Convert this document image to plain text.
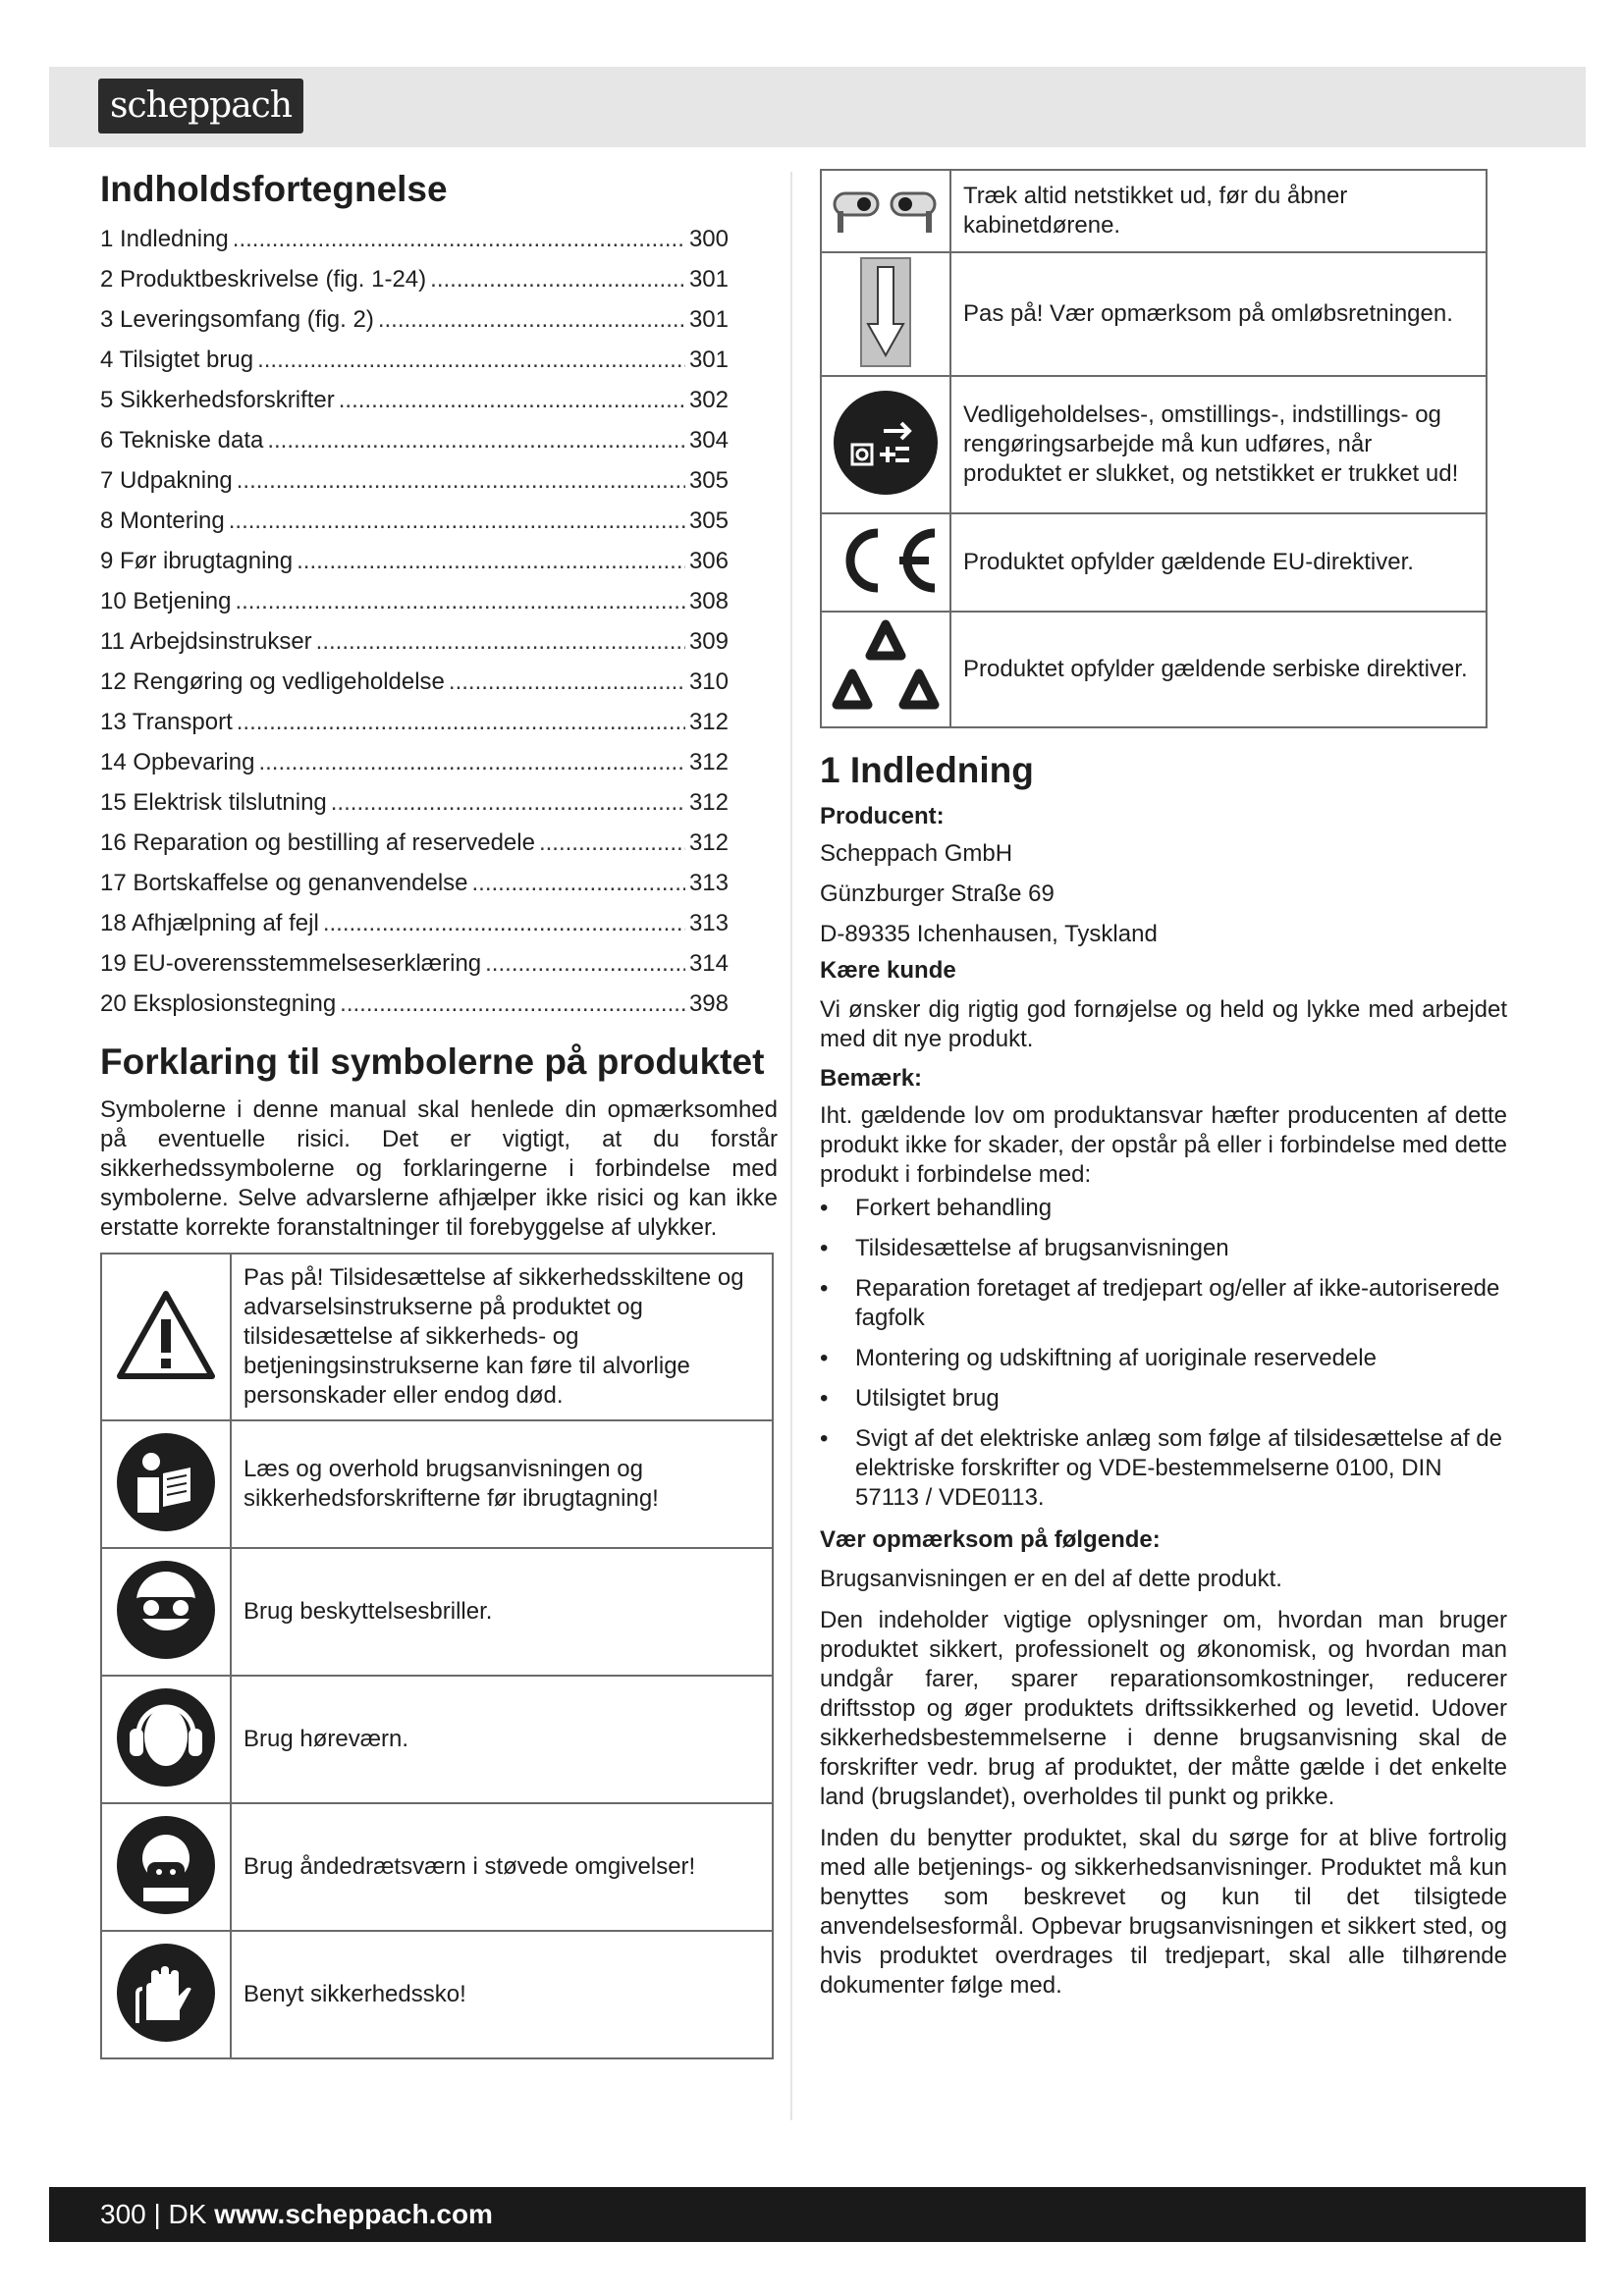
scheppach
Indholdsfortegnelse
1 Indledning .....	300
2 Produktbeskrivelse (fig. 1-24) .....	301
3 Leveringsomfang (fig. 2) .....	301
4 Tilsigtet brug .....	301
5 Sikkerhedsforskrifter .....	302
6 Tekniske data .....	304
7 Udpakning .....	305
8 Montering .....	305
9 Før ibrugtagning .....	306
10 Betjening .....	308
11 Arbejdsinstrukser .....	309
12 Rengøring og vedligeholdelse .....	310
13 Transport .....	312
14 Opbevaring .....	312
15 Elektrisk tilslutning .....	312
16 Reparation og bestilling af reservedele .....	312
17 Bortskaffelse og genanvendelse .....	313
18 Afhjælpning af fejl .....	313
19 EU-overensstemmelseserklæring .....	314
20 Eksplosionstegning .....	398
Forklaring til symbolerne på produktet

Symbolerne i denne manual skal henlede din opmærksomhed på eventuelle risici. Det er vigtigt, at du forstår sikkerhedssymbolerne og forklaringerne i forbindelse med symbolerne. Selve advarslerne afhjælper ikke risici og kan ikke erstatte korrekte foranstaltninger til forebyggelse af ulykker.

	Pas på! Tilsidesættelse af sikkerhedsskiltene og advarselsinstrukserne på produktet og tilsidesættelse af sikkerheds- og betjeningsinstrukserne kan føre til alvorlige personskader eller endog død.
	Læs og overhold brugsanvisningen og sikkerhedsforskrifterne før ibrugtagning!
	Brug beskyttelsesbriller.
	Brug høreværn.
	Brug åndedrætsværn i støvede omgivelser!
	Benyt sikkerhedssko!
	Træk altid netstikket ud, før du åbner kabinetdørene.
	Pas på! Vær opmærksom på omløbsretningen.
	Vedligeholdelses-, omstillings-, indstillings- og rengøringsarbejde må kun udføres, når produktet er slukket, og netstikket er trukket ud!
	Produktet opfylder gældende EU-direktiver.
	Produktet opfylder gældende serbiske direktiver.
1 Indledning

Producent:

Scheppach GmbH

Günzburger Straße 69

D-89335 Ichenhausen, Tyskland

Kære kunde

Vi ønsker dig rigtig god fornøjelse og held og lykke med arbejdet med dit nye produkt.

Bemærk:

Iht. gældende lov om produktansvar hæfter producenten af dette produkt ikke for skader, der opstår på eller i forbindelse med dette produkt i forbindelse med:

• Forkert behandling
• Tilsidesættelse af brugsanvisningen
• Reparation foretaget af tredjepart og/eller af ikke-autoriserede fagfolk
• Montering og udskiftning af uoriginale reservedele
• Utilsigtet brug
• Svigt af det elektriske anlæg som følge af tilsidesættelse af de elektriske forskrifter og VDE-bestemmelserne 0100, DIN 57113 / VDE0113.

Vær opmærksom på følgende:

Brugsanvisningen er en del af dette produkt.

Den indeholder vigtige oplysninger om, hvordan man bruger produktet sikkert, professionelt og økonomisk, og hvordan man undgår farer, sparer reparationsomkostninger, reducerer driftsstop og øger produktets driftssikkerhed og levetid. Udover sikkerhedsbestemmelserne i denne brugsanvisning skal de forskrifter vedr. brug af produktet, der måtte gælde i det enkelte land (brugslandet), overholdes til punkt og prikke.

Inden du benytter produktet, skal du sørge for at blive fortrolig med alle betjenings- og sikkerhedsanvisninger. Produktet må kun benyttes som beskrevet og kun til det tilsigtede anvendelsesformål. Opbevar brugsanvisningen et sikkert sted, og hvis produktet overdrages til tredjepart, skal alle tilhørende dokumenter følge med.

300 | DK www.scheppach.com
